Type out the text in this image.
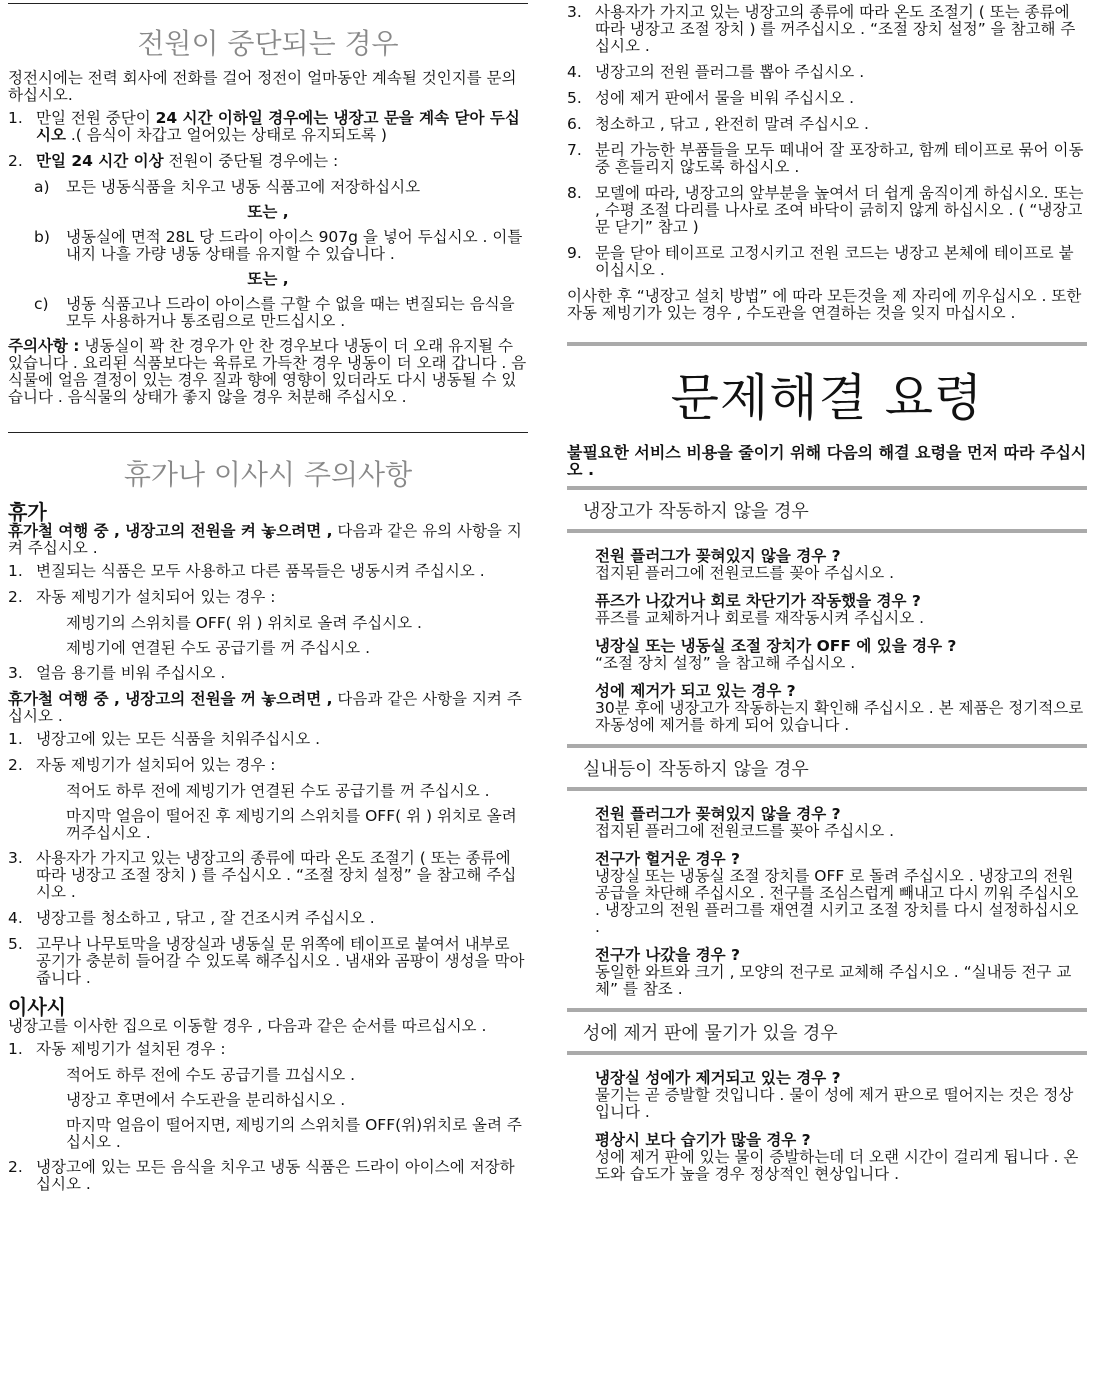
전원이 중단되는 경우

정전시에는 전력 회사에 전화를 걸어 정전이 얼마동안 계속될 것인지를 문의 하십시오.

1. 만일 전원 중단이 24 시간 이하일 경우에는 냉장고 문을 계속 닫아 두십시오 .( 음식이 차갑고 얼어있는 상태로 유지되도록 )
2. 만일 24 시간 이상 전원이 중단될 경우에는 :
a)	모든 냉동식품을 치우고 냉동 식품고에 저장하십시오
또는 ,
b)	냉동실에 면적 28L 당 드라이 아이스 907g 을 넣어 두십시오 . 이틀 내지 나흘 가량 냉동 상태를 유지할 수 있습니다 .
또는 ,
c)	냉동 식품고나 드라이 아이스를 구할 수 없을 때는 변질되는 음식을 모두 사용하거나 통조림으로 만드십시오 .

주의사항 : 냉동실이 꽉 찬 경우가 안 찬 경우보다 냉동이 더 오래 유지될 수 있습니다 . 요리된 식품보다는 육류로 가득찬 경우 냉동이 더 오래 갑니다 . 음식물에 얼음 결정이 있는 경우 질과 향에 영향이 있더라도 다시 냉동될 수 있습니다 . 음식물의 상태가 좋지 않을 경우 처분해 주십시오 .

휴가나 이사시 주의사항
휴가

휴가철 여행 중 , 냉장고의 전원을 켜 놓으려면 , 다음과 같은 유의 사항을 지켜 주십시오 .

1. 변질되는 식품은 모두 사용하고 다른 품목들은 냉동시켜 주십시오 .
2. 자동 제빙기가 설치되어 있는 경우 :
제빙기의 스위치를 OFF( 위 ) 위치로 올려 주십시오 .
제빙기에 연결된 수도 공급기를 꺼 주십시오 .
3. 얼음 용기를 비워 주십시오 .

휴가철 여행 중 , 냉장고의 전원을 꺼 놓으려면 , 다음과 같은 사항을 지켜 주십시오 .

1. 냉장고에 있는 모든 식품을 치워주십시오 .
2. 자동 제빙기가 설치되어 있는 경우 :
적어도 하루 전에 제빙기가 연결된 수도 공급기를 꺼 주십시오 .
마지막 얼음이 떨어진 후 제빙기의 스위치를 OFF( 위 ) 위치로 올려 꺼주십시오 .
3. 사용자가 가지고 있는 냉장고의 종류에 따라 온도 조절기 ( 또는 종류에 따라 냉장고 조절 장치 ) 를 주십시오 . “조절 장치 설정” 을 참고해 주십시오 .
4. 냉장고를 청소하고 , 닦고 , 잘 건조시켜 주십시오 .
5. 고무나 나무토막을 냉장실과 냉동실 문 위쪽에 테이프로 붙여서 내부로 공기가 충분히 들어갈 수 있도록 해주십시오 . 냄새와 곰팡이 생성을 막아줍니다 .
이사시

냉장고를 이사한 집으로 이동할 경우 , 다음과 같은 순서를 따르십시오 .

1. 자동 제빙기가 설치된 경우 :
적어도 하루 전에 수도 공급기를 끄십시오 .
냉장고 후면에서 수도관을 분리하십시오 .
마지막 얼음이 떨어지면, 제빙기의 스위치를 OFF(위)위치로 올려 주십시오 .
2. 냉장고에 있는 모든 음식을 치우고 냉동 식품은 드라이 아이스에 저장하십시오 .
3. 사용자가 가지고 있는 냉장고의 종류에 따라 온도 조절기 ( 또는 종류에 따라 냉장고 조절 장치 ) 를 꺼주십시오 . “조절 장치 설정” 을 참고해 주십시오 .
4. 냉장고의 전원 플러그를 뽑아 주십시오 .
5. 성에 제거 판에서 물을 비워 주십시오 .
6. 청소하고 , 닦고 , 완전히 말려 주십시오 .
7. 분리 가능한 부품들을 모두 떼내어 잘 포장하고, 함께 테이프로 묶어 이동중 흔들리지 않도록 하십시오 .
8. 모델에 따라, 냉장고의 앞부분을 높여서 더 쉽게 움직이게 하십시오. 또는 , 수평 조절 다리를 나사로 조여 바닥이 긁히지 않게 하십시오 . ( “냉장고 문 닫기” 참고 )
9. 문을 닫아 테이프로 고정시키고 전원 코드는 냉장고 본체에 테이프로 붙이십시오 .

이사한 후 “냉장고 설치 방법” 에 따라 모든것을 제 자리에 끼우십시오 . 또한 자동 제빙기가 있는 경우 , 수도관을 연결하는 것을 잊지 마십시오 .

문제해결 요령

불필요한 서비스 비용을 줄이기 위해 다음의 해결 요령을 먼저 따라 주십시오 .

냉장고가 작동하지 않을 경우
전원 플러그가 꽂혀있지 않을 경우 ?
접지된 플러그에 전원코드를 꽂아 주십시오 .
퓨즈가 나갔거나 회로 차단기가 작동했을 경우 ?
퓨즈를 교체하거나 회로를 재작동시켜 주십시오 .
냉장실 또는 냉동실 조절 장치가 OFF 에 있을 경우 ?
“조절 장치 설정” 을 참고해 주십시오 .
성에 제거가 되고 있는 경우 ?
30분 후에 냉장고가 작동하는지 확인해 주십시오 . 본 제품은 정기적으로 자동성에 제거를 하게 되어 있습니다 .
실내등이 작동하지 않을 경우
전원 플러그가 꽂혀있지 않을 경우 ?
접지된 플러그에 전원코드를 꽂아 주십시오 .
전구가 헐거운 경우 ?
냉장실 또는 냉동실 조절 장치를 OFF 로 돌려 주십시오 . 냉장고의 전원 공급을 차단해 주십시오 . 전구를 조심스럽게 빼내고 다시 끼워 주십시오 . 냉장고의 전원 플러그를 재연결 시키고 조절 장치를 다시 설정하십시오 .
전구가 나갔을 경우 ?
동일한 와트와 크기 , 모양의 전구로 교체해 주십시오 . “실내등 전구 교체” 를 참조 .
성에 제거 판에 물기가 있을 경우
냉장실 성에가 제거되고 있는 경우 ?
물기는 곧 증발할 것입니다 . 물이 성에 제거 판으로 떨어지는 것은 정상입니다 .
평상시 보다 습기가 많을 경우 ?
성에 제거 판에 있는 물이 증발하는데 더 오랜 시간이 걸리게 됩니다 . 온도와 습도가 높을 경우 정상적인 현상입니다 .
